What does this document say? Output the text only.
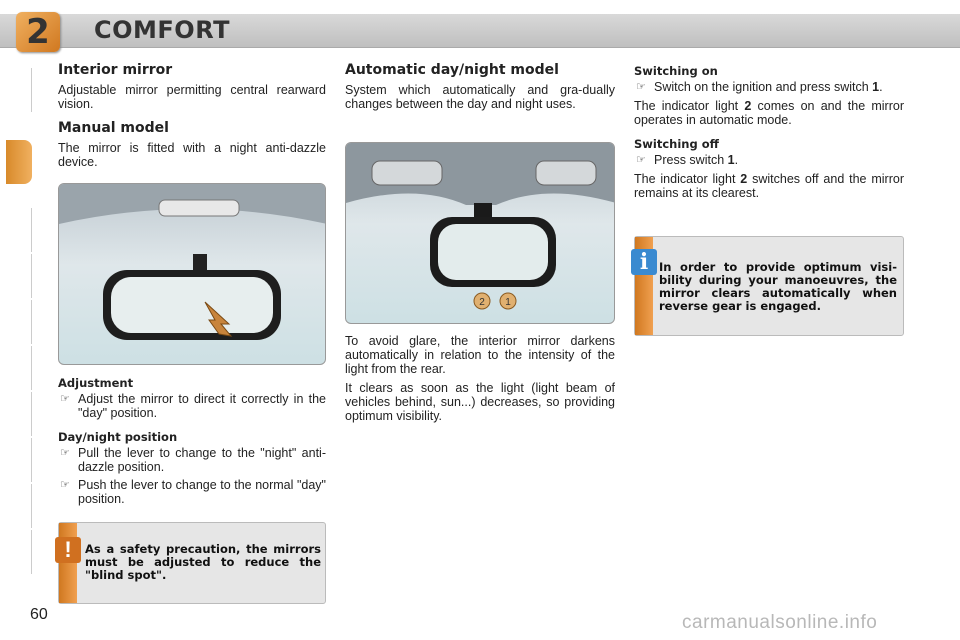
2	COMFORT
Interior mirror

Adjustable mirror permitting central rearward vision.

Manual model

The mirror is fitted with a night anti-dazzle device.

Adjustment
☞ Adjust the mirror to direct it correctly in the "day" position.
Day/night position
☞ Pull the lever to change to the "night" anti-dazzle position.
☞ Push the lever to change to the normal "day" position.
!	As a safety precaution, the mirrors must be adjusted to reduce the "blind spot".
Automatic day/night model

System which automatically and gra-dually changes between the day and night uses.

2 1

To avoid glare, the interior mirror darkens automatically in relation to the intensity of the light from the rear.

It clears as soon as the light (light beam of vehicles behind, sun...) decreases, so providing optimum visibility.

Switching on
☞ Switch on the ignition and press switch 1.

The indicator light 2 comes on and the mirror operates in automatic mode.

Switching off
☞ Press switch 1.

The indicator light 2 switches off and the mirror remains at its clearest.

i In order to provide optimum visi-bility during your manoeuvres, the mirror clears automatically when reverse gear is engaged.
60	carmanualsonline.info
